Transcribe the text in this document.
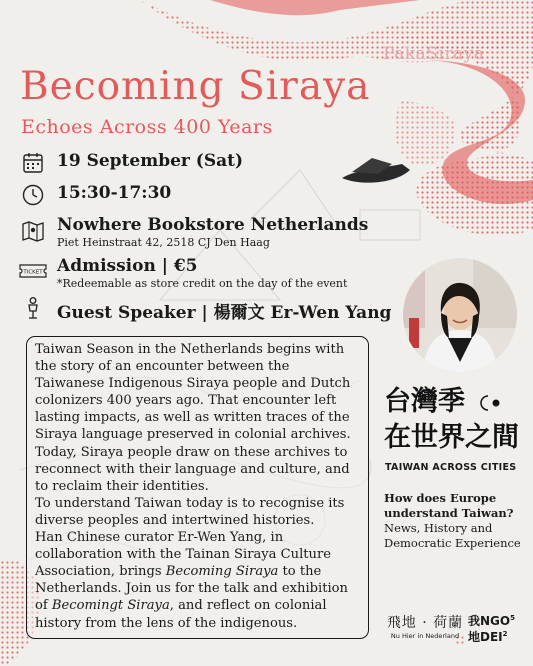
PakaSiraya
Becoming Siraya
Echoes Across 400 Years
19 September (Sat)
15:30-17:30
Nowhere Bookstore Netherlands
Piet Heinstraat 42, 2518 CJ Den Haag
TICKET Admission | €5
*Redeemable as store credit on the day of the event
Guest Speaker | 楊爾文 Er-Wen Yang

Taiwan Season in the Netherlands begins with the story of an encounter between the Taiwanese Indigenous Siraya people and Dutch colonizers 400 years ago. That encounter left lasting impacts, as well as written traces of the Siraya language preserved in colonial archives.

Today, Siraya people draw on these archives to reconnect with their language and culture, and to reclaim their identities.

To understand Taiwan today is to recognise its diverse peoples and intertwined histories.

Han Chinese curator Er-Wen Yang, in collaboration with the Tainan Siraya Culture Association, brings Becoming Siraya to the Netherlands. Join us for the talk and exhibition of Becomingt Siraya, and reflect on colonial history from the lens of the indigenous.

台灣季
在世界之間
TAIWAN ACROSS CITIES
How does Europe understand Taiwan?
News, History and Democratic Experience
飛地 · 荷蘭
Nu Hier in Nederland
我NGO$^5$
地DEI$^2$
